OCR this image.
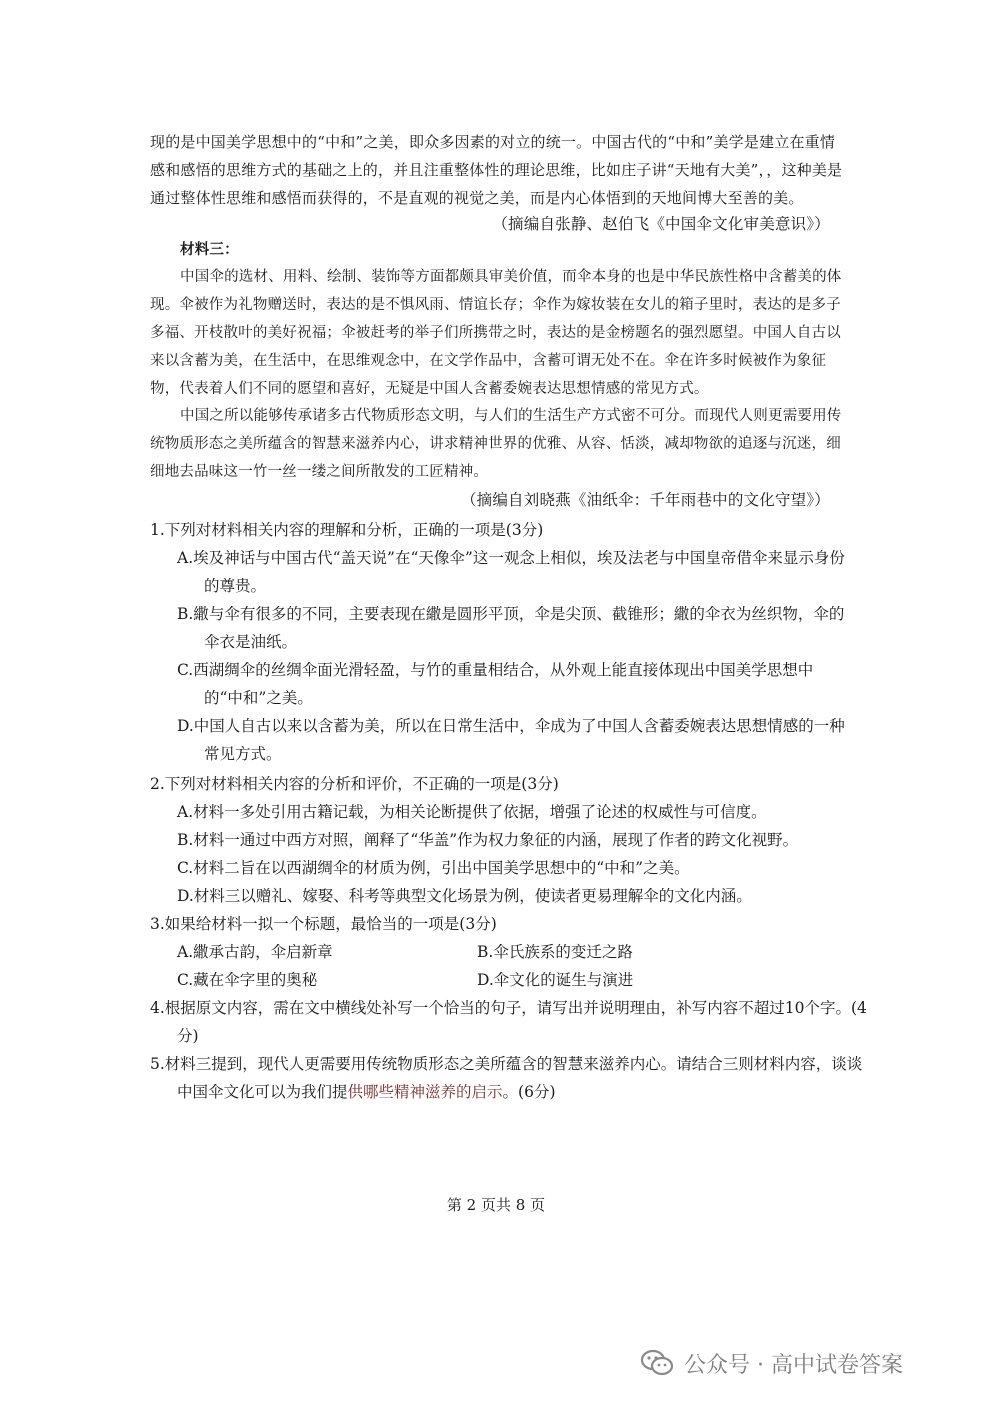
现的是中国美学思想中的“中和”之美，即众多因素的对立的统一。中国古代的“中和”美学是建立在重情感和感悟的思维方式的基础之上的，并且注重整体性的理论思维，比如庄子讲“天地有大美”，，这种美是通过整体性思维和感悟而获得的，不是直观的视觉之美，而是内心体悟到的天地间博大至善的美。

（摘编自张静、赵伯飞《中国伞文化审美意识》）

材料三：

中国伞的选材、用料、绘制、装饰等方面都颇具审美价值，而伞本身的也是中华民族性格中含蓄美的体现。伞被作为礼物赠送时，表达的是不惧风雨、情谊长存；伞作为嫁妆装在女儿的箱子里时，表达的是多子多福、开枝散叶的美好祝福；伞被赶考的举子们所携带之时，表达的是金榜题名的强烈愿望。中国人自古以来以含蓄为美，在生活中，在思维观念中，在文学作品中，含蓄可谓无处不在。伞在许多时候被作为象征物，代表着人们不同的愿望和喜好，无疑是中国人含蓄委婉表达思想情感的常见方式。

中国之所以能够传承诸多古代物质形态文明，与人们的生活生产方式密不可分。而现代人则更需要用传统物质形态之美所蕴含的智慧来滋养内心，讲求精神世界的优雅、从容、恬淡，减却物欲的追逐与沉迷，细细地去品味这一竹一丝一缕之间所散发的工匠精神。

（摘编自刘晓燕《油纸伞：千年雨巷中的文化守望》）

1.下列对材料相关内容的理解和分析，正确的一项是(3分)
A.埃及神话与中国古代“盖天说”在“天像伞”这一观念上相似，埃及法老与中国皇帝借伞来显示身份的尊贵。
B.繖与伞有很多的不同，主要表现在繖是圆形平顶，伞是尖顶、截锥形；繖的伞衣为丝织物，伞的伞衣是油纸。
C.西湖绸伞的丝绸伞面光滑轻盈，与竹的重量相结合，从外观上能直接体现出中国美学思想中的“中和”之美。
D.中国人自古以来以含蓄为美，所以在日常生活中，伞成为了中国人含蓄委婉表达思想情感的一种常见方式。
2.下列对材料相关内容的分析和评价，不正确的一项是(3分)
A.材料一多处引用古籍记载，为相关论断提供了依据，增强了论述的权威性与可信度。
B.材料一通过中西方对照，阐释了“华盖”作为权力象征的内涵，展现了作者的跨文化视野。
C.材料二旨在以西湖绸伞的材质为例，引出中国美学思想中的“中和”之美。
D.材料三以赠礼、嫁娶、科考等典型文化场景为例，使读者更易理解伞的文化内涵。
3.如果给材料一拟一个标题，最恰当的一项是(3分)
A.繖承古韵，伞启新章	B.伞氏族系的变迁之路
C.藏在伞字里的奥秘	D.伞文化的诞生与演进
4.根据原文内容，需在文中横线处补写一个恰当的句子，请写出并说明理由，补写内容不超过10个字。(4分)
5.材料三提到，现代人更需要用传统物质形态之美所蕴含的智慧来滋养内心。请结合三则材料内容，谈谈中国伞文化可以为我们提供哪些精神滋养的启示。(6分)
第 2 页共 8 页
公众号 · 高中试卷答案
